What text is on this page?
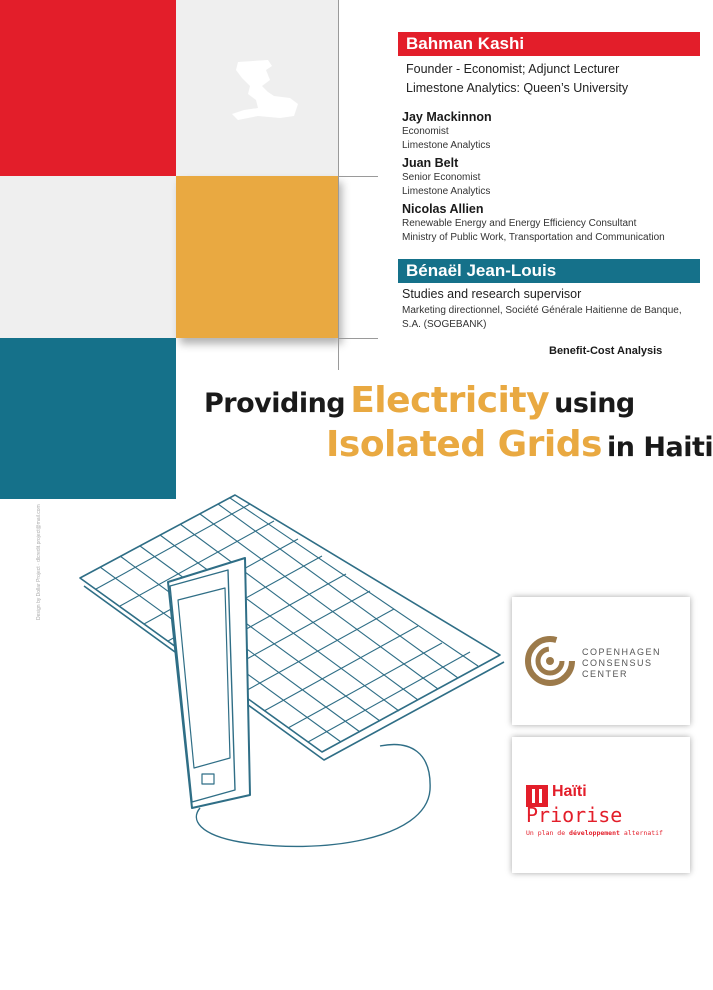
Bahman Kashi
Founder - Economist; Adjunct Lecturer
Limestone Analytics: Queen’s University
Jay Mackinnon
Economist
Limestone Analytics
Juan Belt
Senior Economist
Limestone Analytics
Nicolas Allien
Renewable Energy and Energy Efficiency Consultant
Ministry of Public Work, Transportation and Communication
Bénaël Jean-Louis
Studies and research supervisor
Marketing directionnel, Société Générale Haitienne de Banque,
S.A. (SOGEBANK)
Benefit-Cost Analysis
Providing Electricity using
Isolated Grids in Haiti
Design by Dollar Project · dlcredit.project@mail.com
COPENHAGEN
CONSENSUS
CENTER
Haïti
Priorise
Un plan de développement alternatif
